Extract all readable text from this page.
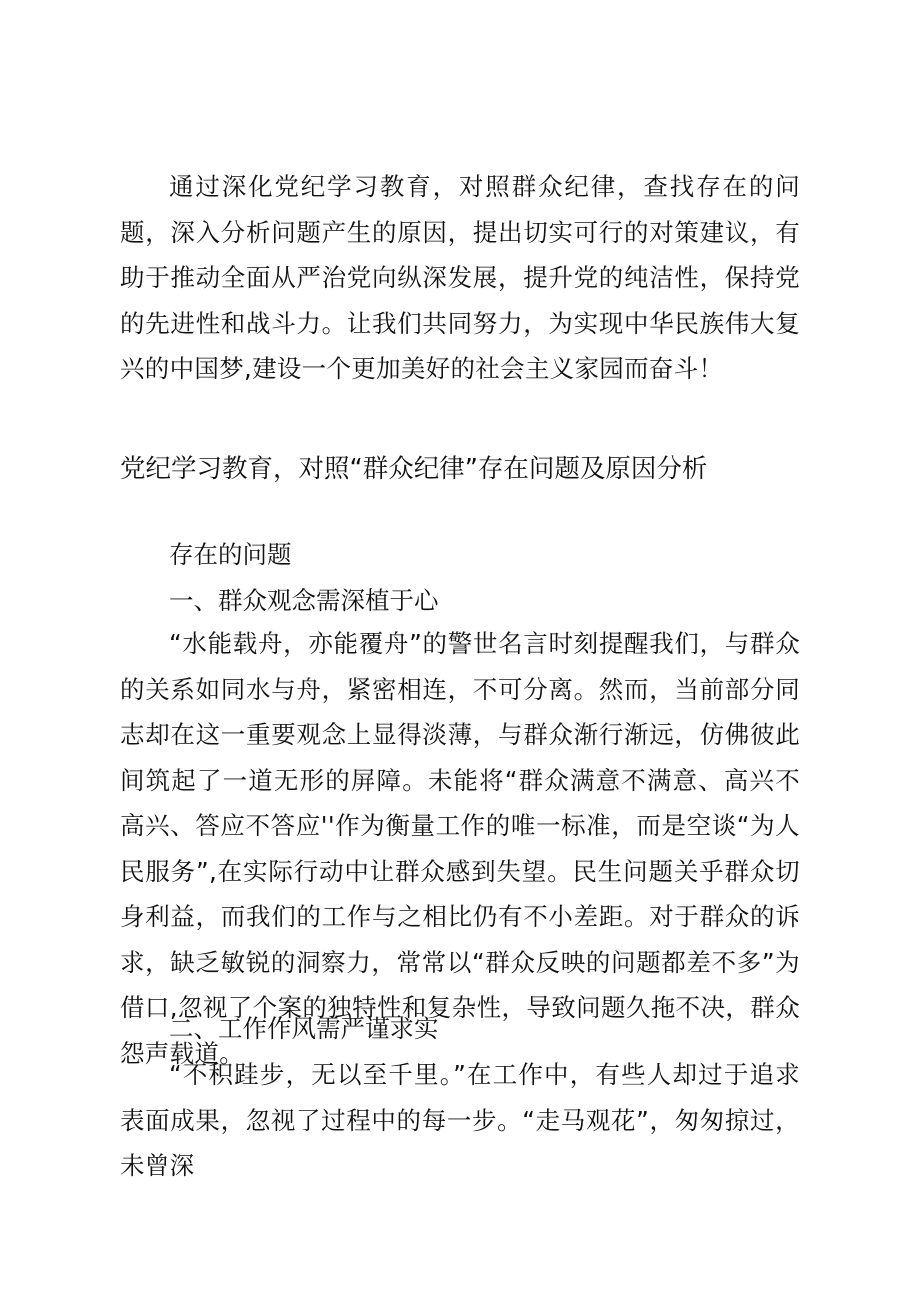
通过深化党纪学习教育，对照群众纪律，查找存在的问题，深入分析问题产生的原因，提出切实可行的对策建议，有助于推动全面从严治党向纵深发展，提升党的纯洁性，保持党的先进性和战斗力。让我们共同努力，为实现中华民族伟大复兴的中国梦,建设一个更加美好的社会主义家园而奋斗！

党纪学习教育，对照“群众纪律”存在问题及原因分析

存在的问题

一、群众观念需深植于心

“水能载舟，亦能覆舟”的警世名言时刻提醒我们，与群众的关系如同水与舟，紧密相连，不可分离。然而，当前部分同志却在这一重要观念上显得淡薄，与群众渐行渐远，仿佛彼此间筑起了一道无形的屏障。未能将“群众满意不满意、高兴不高兴、答应不答应''作为衡量工作的唯一标准，而是空谈“为人民服务”,在实际行动中让群众感到失望。民生问题关乎群众切身利益，而我们的工作与之相比仍有不小差距。对于群众的诉求，缺乏敏锐的洞察力，常常以“群众反映的问题都差不多”为借口,忽视了个案的独特性和复杂性，导致问题久拖不决，群众怨声载道。

二、工作作风需严谨求实

“不积跬步，无以至千里。”在工作中，有些人却过于追求表面成果，忽视了过程中的每一步。“走马观花”，匆匆掠过，未曾深
